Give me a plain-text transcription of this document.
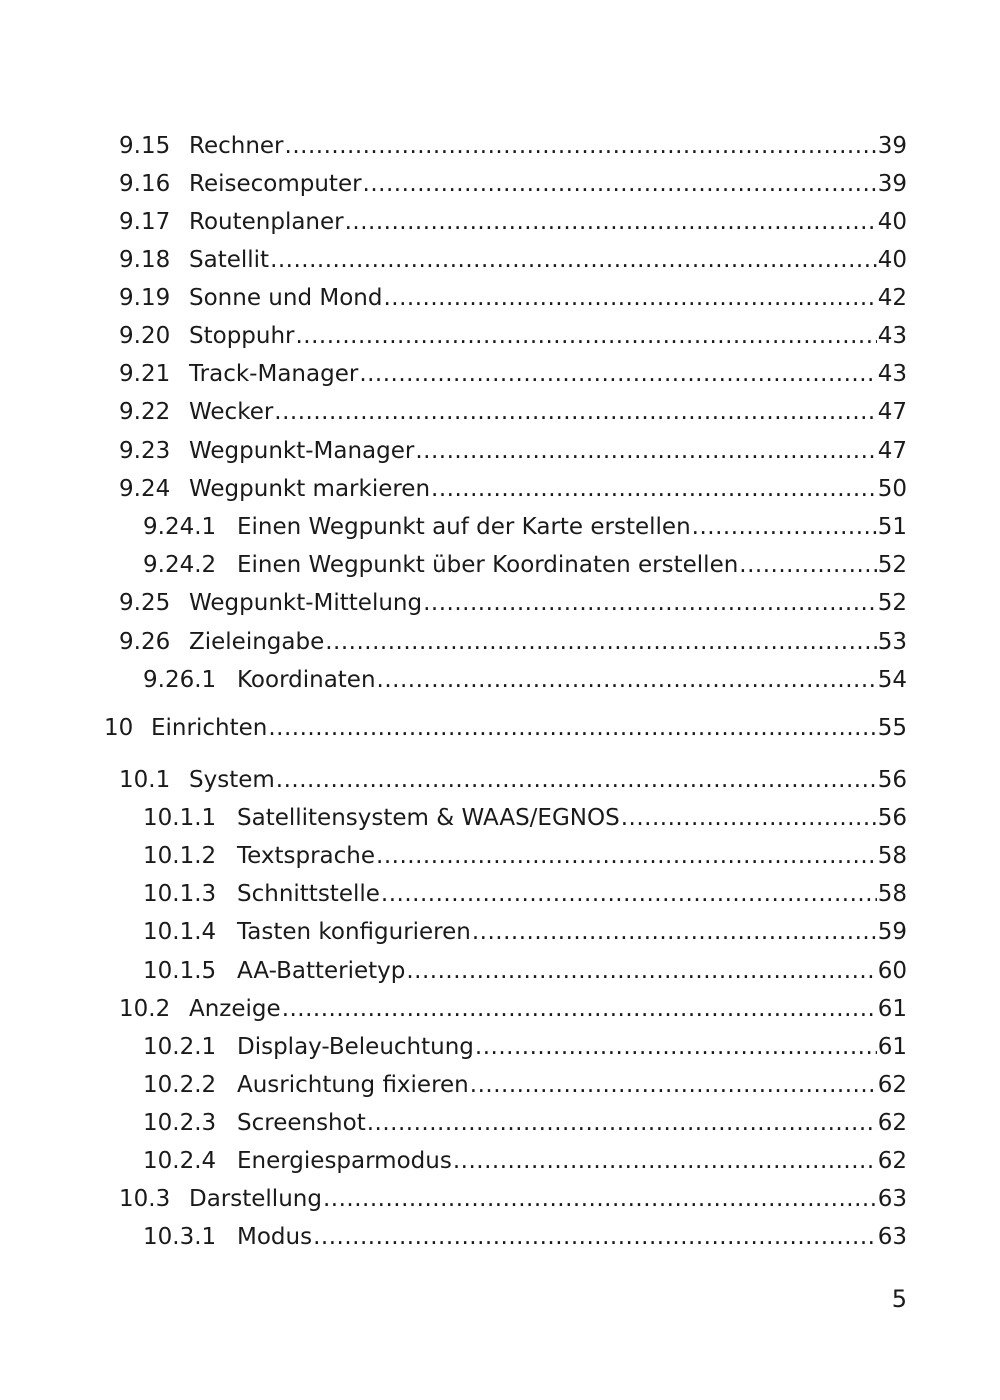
9.15 Rechner .....	39
9.16 Reisecomputer .....	39
9.17 Routenplaner .....	40
9.18 Satellit .....	40
9.19 Sonne und Mond .....	42
9.20 Stoppuhr .....	43
9.21 Track-Manager .....	43
9.22 Wecker .....	47
9.23 Wegpunkt-Manager .....	47
9.24 Wegpunkt markieren .....	50
9.24.1 Einen Wegpunkt auf der Karte erstellen .....	51
9.24.2 Einen Wegpunkt über Koordinaten erstellen .....	52
9.25 Wegpunkt-Mittelung .....	52
9.26 Zieleingabe .....	53
9.26.1 Koordinaten .....	54
10 Einrichten .....	55
10.1 System .....	56
10.1.1 Satellitensystem & WAAS/EGNOS .....	56
10.1.2 Textsprache .....	58
10.1.3 Schnittstelle .....	58
10.1.4 Tasten konfigurieren .....	59
10.1.5 AA-Batterietyp .....	60
10.2 Anzeige .....	61
10.2.1 Display-Beleuchtung .....	61
10.2.2 Ausrichtung fixieren .....	62
10.2.3 Screenshot .....	62
10.2.4 Energiesparmodus .....	62
10.3 Darstellung .....	63
10.3.1 Modus .....	63
5
